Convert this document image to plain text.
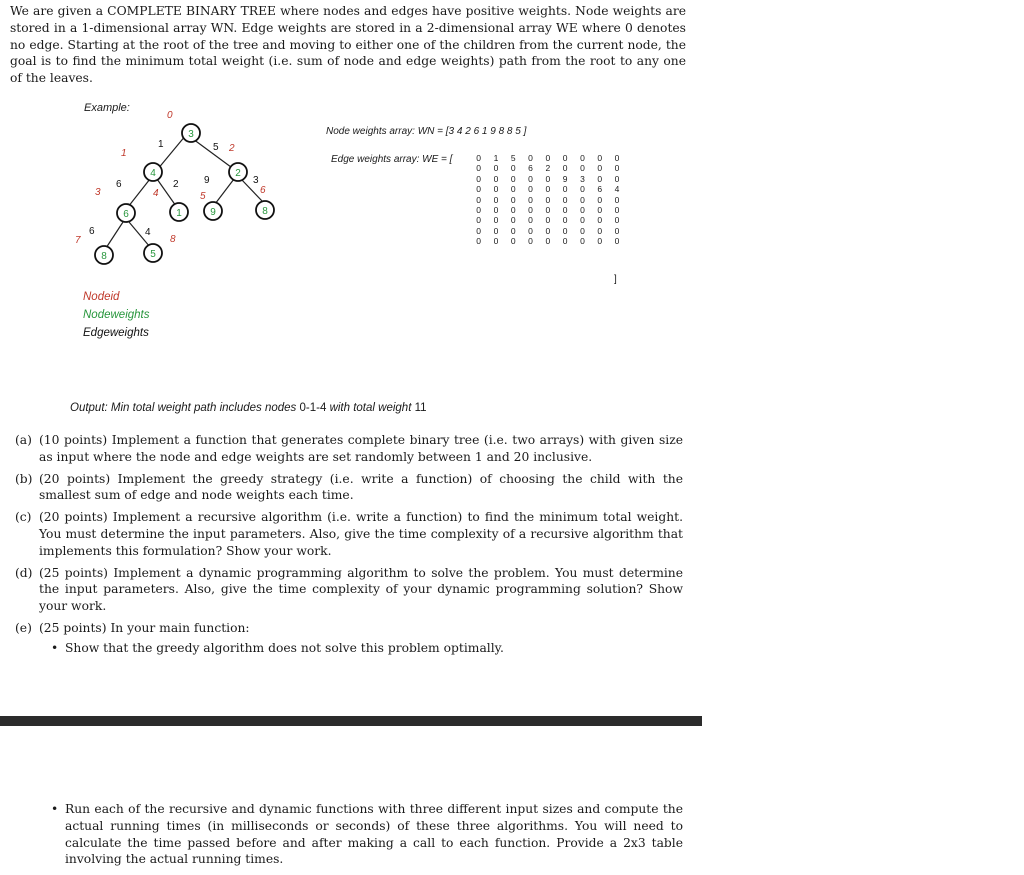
We are given a COMPLETE BINARY TREE where nodes and edges have positive weights. Node weights are stored in a 1-dimensional array WN. Edge weights are stored in a 2-dimensional array WE where 0 denotes no edge. Starting at the root of the tree and moving to either one of the children from the current node, the goal is to find the minimum total weight (i.e. sum of node and edge weights) path from the root to any one of the leaves.
Example:
3
4	2
6	1	9	8
8	5
0
1	2
3	4	5
6
7	8
1	5
6	2	9	3
6	4
Nodeid
Nodeweights
Edgeweights
Node weights array: WN = [3 4 2 6 1 9 8 8 5 ]
Edge weights array: WE = [	0	1	5	0	0	0	0	0	0
0	0	0	6	2	0	0	0	0
0	0	0	0	0	9	3	0	0
0	0	0	0	0	0	0	6	4
0	0	0	0	0	0	0	0	0
0	0	0	0	0	0	0	0	0
0	0	0	0	0	0	0	0	0
0	0	0	0	0	0	0	0	0
0	0	0	0	0	0	0	0	0
]
Output: Min total weight path includes nodes 0-1-4 with total weight 11
(a) (10 points) Implement a function that generates complete binary tree (i.e. two arrays) with given size as input where the node and edge weights are set randomly between 1 and 20 inclusive.
(b) (20 points) Implement the greedy strategy (i.e. write a function) of choosing the child with the smallest sum of edge and node weights each time.
(c) (20 points) Implement a recursive algorithm (i.e. write a function) to find the minimum total weight. You must determine the input parameters. Also, give the time complexity of a recursive algorithm that implements this formulation? Show your work.
(d) (25 points) Implement a dynamic programming algorithm to solve the problem. You must determine the input parameters. Also, give the time complexity of your dynamic programming solution? Show your work.
(e) (25 points) In your main function:
• Show that the greedy algorithm does not solve this problem optimally.
• Run each of the recursive and dynamic functions with three different input sizes and compute the actual running times (in milliseconds or seconds) of these three algorithms. You will need to calculate the time passed before and after making a call to each function. Provide a 2x3 table involving the actual running times.
